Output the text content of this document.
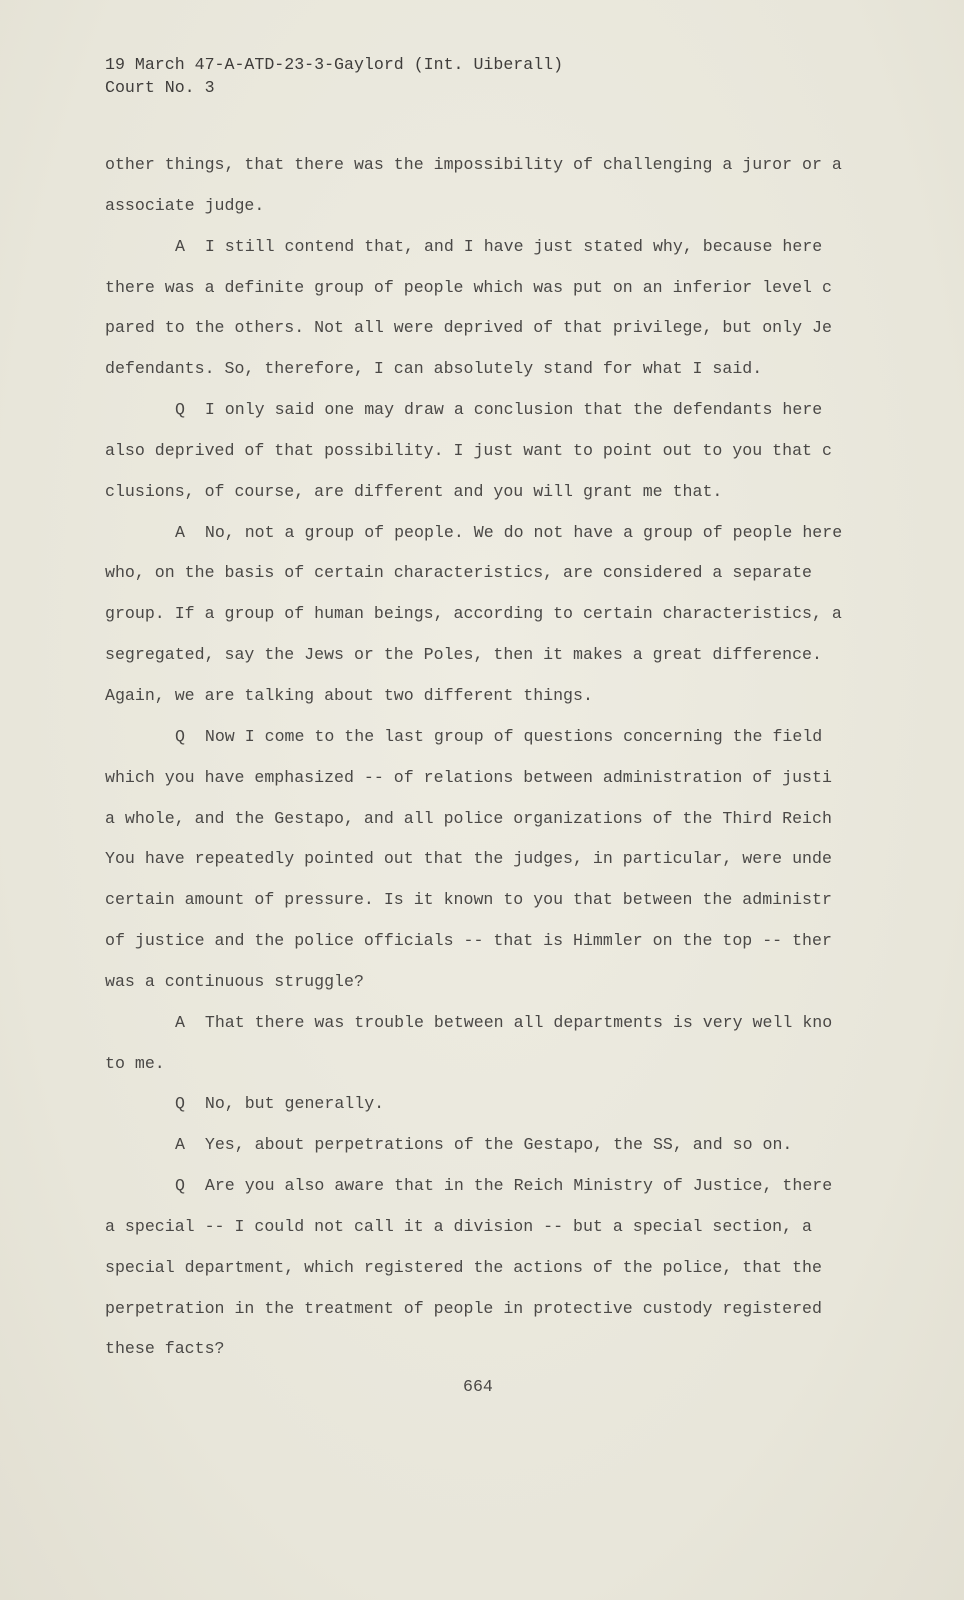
19 March 47-A-ATD-23-3-Gaylord (Int. Uiberall)
Court No. 3
other things, that there was the impossibility of challenging a juror or a
associate judge.
A  I still contend that, and I have just stated why, because here
there was a definite group of people which was put on an inferior level c
pared to the others. Not all were deprived of that privilege, but only Je
defendants. So, therefore, I can absolutely stand for what I said.
Q  I only said one may draw a conclusion that the defendants here
also deprived of that possibility. I just want to point out to you that c
clusions, of course, are different and you will grant me that.
A  No, not a group of people. We do not have a group of people here
who, on the basis of certain characteristics, are considered a separate
group. If a group of human beings, according to certain characteristics, a
segregated, say the Jews or the Poles, then it makes a great difference.
Again, we are talking about two different things.
Q  Now I come to the last group of questions concerning the field
which you have emphasized -- of relations between administration of justi
a whole, and the Gestapo, and all police organizations of the Third Reich
You have repeatedly pointed out that the judges, in particular, were unde
certain amount of pressure. Is it known to you that between the administr
of justice and the police officials -- that is Himmler on the top -- ther
was a continuous struggle?
A  That there was trouble between all departments is very well kno
to me.
Q  No, but generally.
A  Yes, about perpetrations of the Gestapo, the SS, and so on.
Q  Are you also aware that in the Reich Ministry of Justice, there
a special -- I could not call it a division -- but a special section, a
special department, which registered the actions of the police, that the
perpetration in the treatment of people in protective custody registered
these facts?
664
